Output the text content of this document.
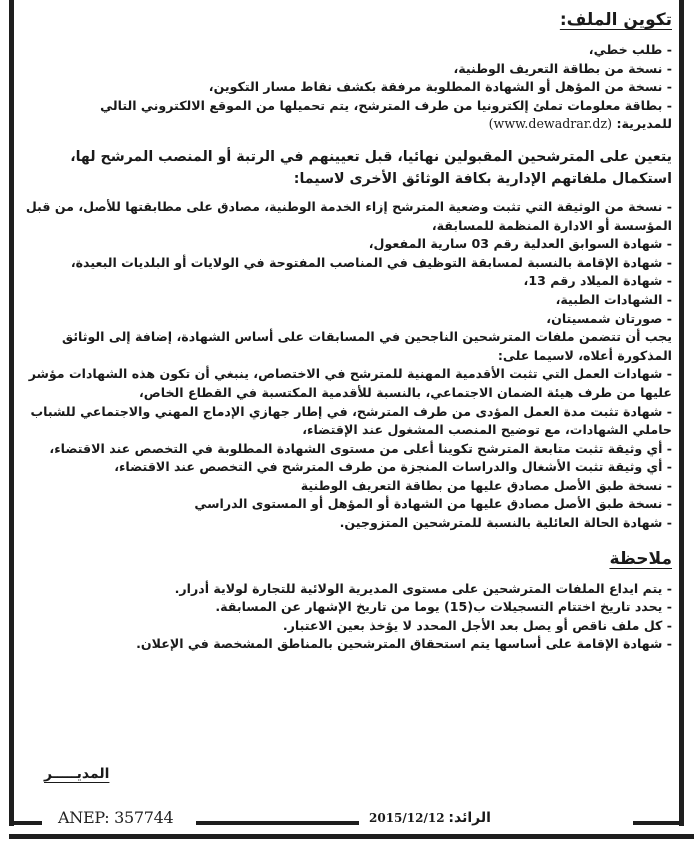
تكوين الملف:

- طلب خطي،

- نسخة من بطاقة التعريف الوطنية،

- نسخة من المؤهل أو الشهادة المطلوبة مرفقة بكشف نقاط مسار التكوين،

- بطاقة معلومات تملئ إلكترونيا من طرف المترشح، يتم تحميلها من الموقع الالكتروني التالي

للمديرية: (www.dewadrar.dz)

يتعين على المترشحين المقبولين نهائيا، قبل تعيينهم في الرتبة أو المنصب المرشح لها، استكمال ملفاتهم الإدارية بكافة الوثائق الأخرى لاسيما:

- نسخة من الوثيقة التي تثبت وضعية المترشح إزاء الخدمة الوطنية، مصادق على مطابقتها للأصل، من قبل المؤسسة أو الادارة المنظمة للمسابقة،

- شهادة السوابق العدلية رقم 03 سارية المفعول،

- شهادة الإقامة بالنسبة لمسابقة التوظيف في المناصب المفتوحة في الولايات أو البلديات البعيدة،

- شهادة الميلاد رقم 13،

- الشهادات الطبية،

- صورتان شمسيتان،

يجب أن تتضمن ملفات المترشحين الناجحين في المسابقات على أساس الشهادة، إضافة إلى الوثائق المذكورة أعلاه، لاسيما على:

- شهادات العمل التي تثبت الأقدمية المهنية للمترشح في الاختصاص، ينبغي أن تكون هذه الشهادات مؤشر عليها من طرف هيئة الضمان الاجتماعي، بالنسبة للأقدمية المكتسبة في القطاع الخاص،

- شهادة تثبت مدة العمل المؤدى من طرف المترشح، في إطار جهازي الإدماج المهني والاجتماعي للشباب حاملي الشهادات، مع توضيح المنصب المشغول عند الإقتضاء،

- أي وثيقة تثبت متابعة المترشح تكوينا أعلى من مستوى الشهادة المطلوبة في التخصص عند الاقتضاء،

- أي وثيقة تثبت الأشغال والدراسات المنجزة من طرف المترشح في التخصص عند الاقتضاء،

- نسخة طبق الأصل مصادق عليها من بطاقة التعريف الوطنية

- نسخة طبق الأصل مصادق عليها من الشهادة أو المؤهل أو المستوى الدراسي

- شهادة الحالة العائلية بالنسبة للمترشحين المتزوجين.

ملاحظة

- يتم ايداع الملفات المترشحين على مستوى المديرية الولائية للتجارة لولاية أدرار.

- يحدد تاريخ اختتام التسجيلات ب(15) يوما من تاريخ الإشهار عن المسابقة.

- كل ملف ناقص أو يصل بعد الأجل المحدد لا يؤخذ بعين الاعتبار.

- شهادة الإقامة على أساسها يتم استحقاق المترشحين بالمناطق المشخصة في الإعلان.

المديـــــر
ANEP: 357744	الرائد: 2015/12/12
